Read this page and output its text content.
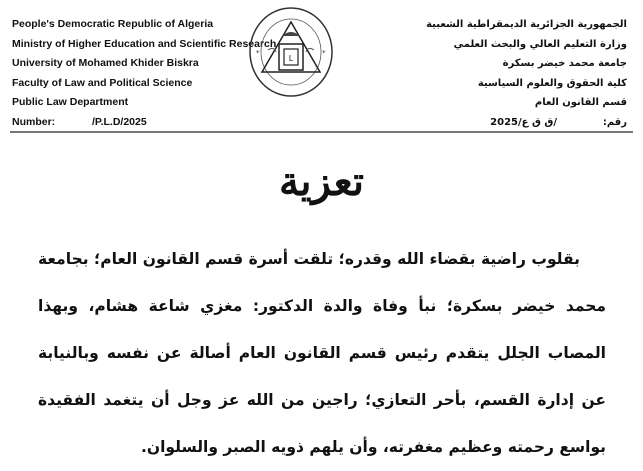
People's Democratic Republic of Algeria
Ministry of Higher Education and Scientific Research
University of Mohamed Khider Biskra
Faculty of Law and Political Science
Public Law Department
Number:	/P.L.D/2025
L
*	*
الجمهورية الجزائرية الديمقراطية الشعبية
وزارة التعليم العالي والبحث العلمي
جامعة محمد خيضر بسكرة
كلية الحقوق والعلوم السياسية
قسم القانون العام
رقم:/ق ق ع/2025
تعزية

بقلوب راضية بقضاء الله وقدره؛ تلقت أسرة قسم القانون العام؛ بجامعة محمد خيضر بسكرة؛ نبأ وفاة والدة الدكتور: مغزي شاعة هشام، وبهذا المصاب الجلل يتقدم رئيس قسم القانون العام أصالة عن نفسه وبالنيابة عن إدارة القسم، بأحر التعازي؛ راجين من الله عز وجل أن يتغمد الفقيدة بواسع رحمته وعظيم مغفرته، وأن يلهم ذويه الصبر والسلوان.
